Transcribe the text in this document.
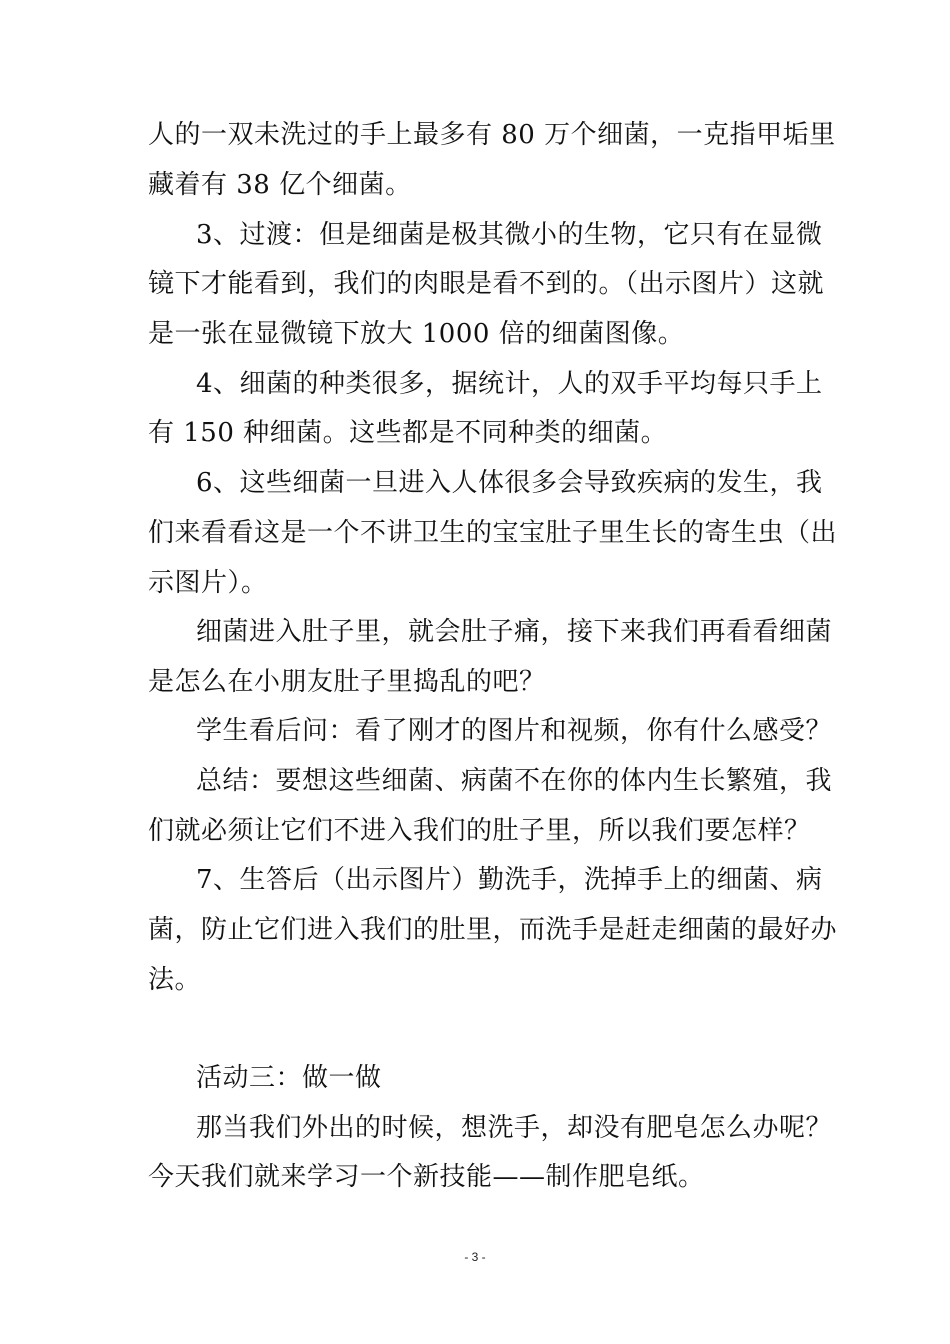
人的一双未洗过的手上最多有 80 万个细菌，一克指甲垢里
藏着有 38 亿个细菌。
3、过渡：但是细菌是极其微小的生物，它只有在显微
镜下才能看到，我们的肉眼是看不到的。（出示图片）这就
是一张在显微镜下放大 1000 倍的细菌图像。
4、细菌的种类很多，据统计，人的双手平均每只手上
有 150 种细菌。这些都是不同种类的细菌。
6、这些细菌一旦进入人体很多会导致疾病的发生，我
们来看看这是一个不讲卫生的宝宝肚子里生长的寄生虫（出
示图片）。
细菌进入肚子里，就会肚子痛，接下来我们再看看细菌
是怎么在小朋友肚子里捣乱的吧？
学生看后问：看了刚才的图片和视频，你有什么感受？
总结：要想这些细菌、病菌不在你的体内生长繁殖，我
们就必须让它们不进入我们的肚子里，所以我们要怎样？
7、生答后（出示图片）勤洗手，洗掉手上的细菌、病
菌，防止它们进入我们的肚里，而洗手是赶走细菌的最好办
法。
活动三：做一做
那当我们外出的时候，想洗手，却没有肥皂怎么办呢？
今天我们就来学习一个新技能——制作肥皂纸。
- 3 -
